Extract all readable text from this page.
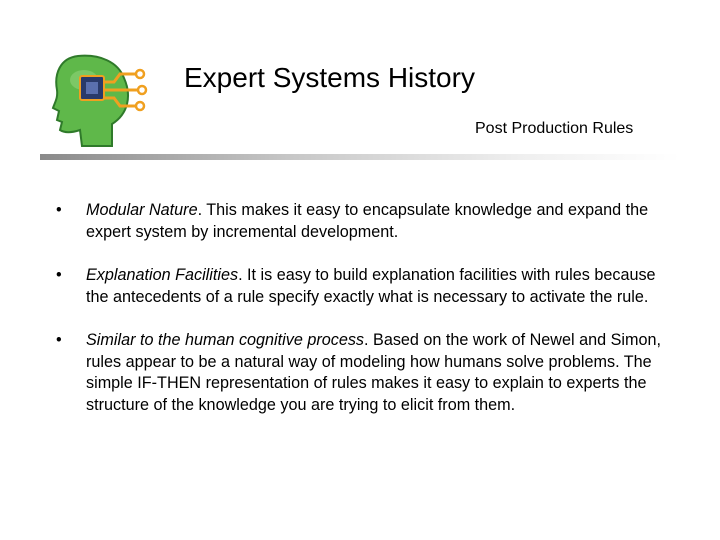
Expert Systems History
Post Production Rules
• Modular Nature. This makes it easy to encapsulate knowledge and expand the expert system by incremental development.
• Explanation Facilities. It is easy to build explanation facilities with rules because the antecedents of a rule specify exactly what is necessary to activate the rule.
• Similar to the human cognitive process. Based on the work of Newel and Simon, rules appear to be a natural way of modeling how humans solve problems. The simple IF-THEN representation of rules makes it easy to explain to experts the structure of the knowledge you are trying to elicit from them.
